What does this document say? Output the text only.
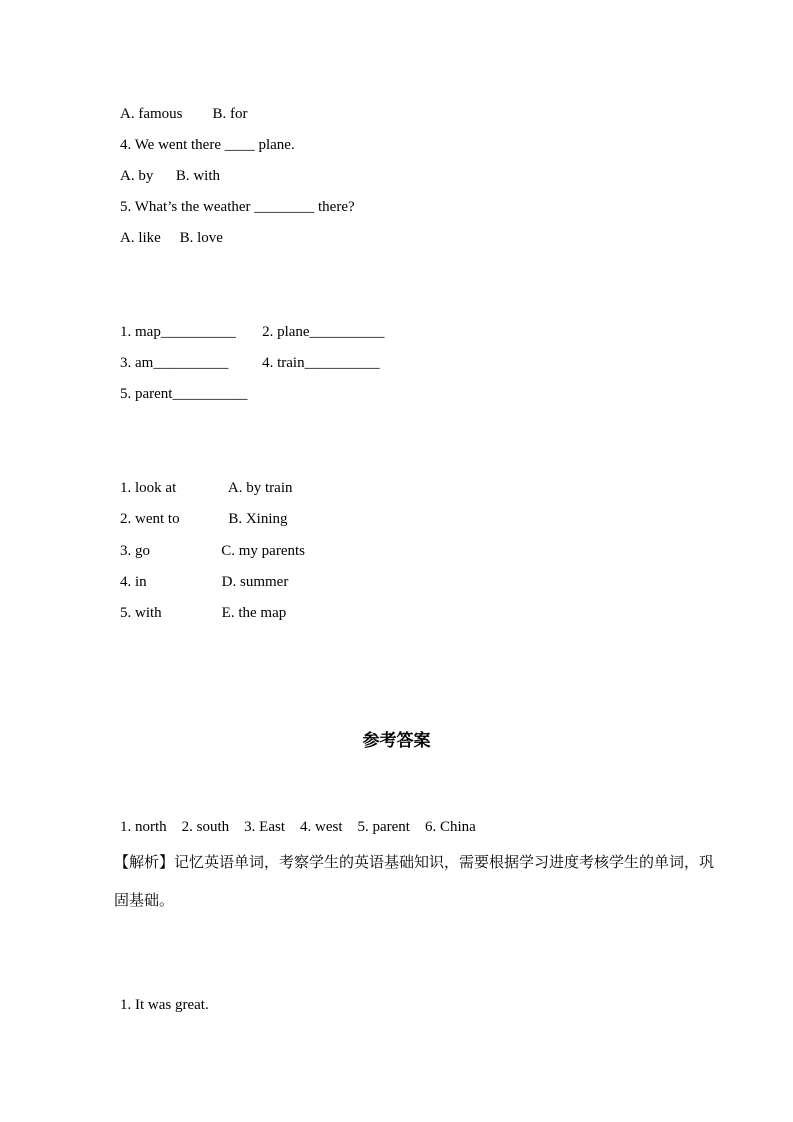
A. famous        B. for
4. We went there ____ plane.
A. by      B. with
5. What’s the weather ________ there?
A. like     B. love
1. map__________       2. plane__________
3. am__________         4. train__________
5. parent__________
1. look at              A. by train
2. went to             B. Xining
3. go                   C. my parents
4. in                    D. summer
5. with                E. the map
参考答案
1. north    2. south    3. East    4. west    5. parent    6. China
【解析】记忆英语单词，考察学生的英语基础知识，需要根据学习进度考核学生的单词，巩
固基础。
1. It was great.
